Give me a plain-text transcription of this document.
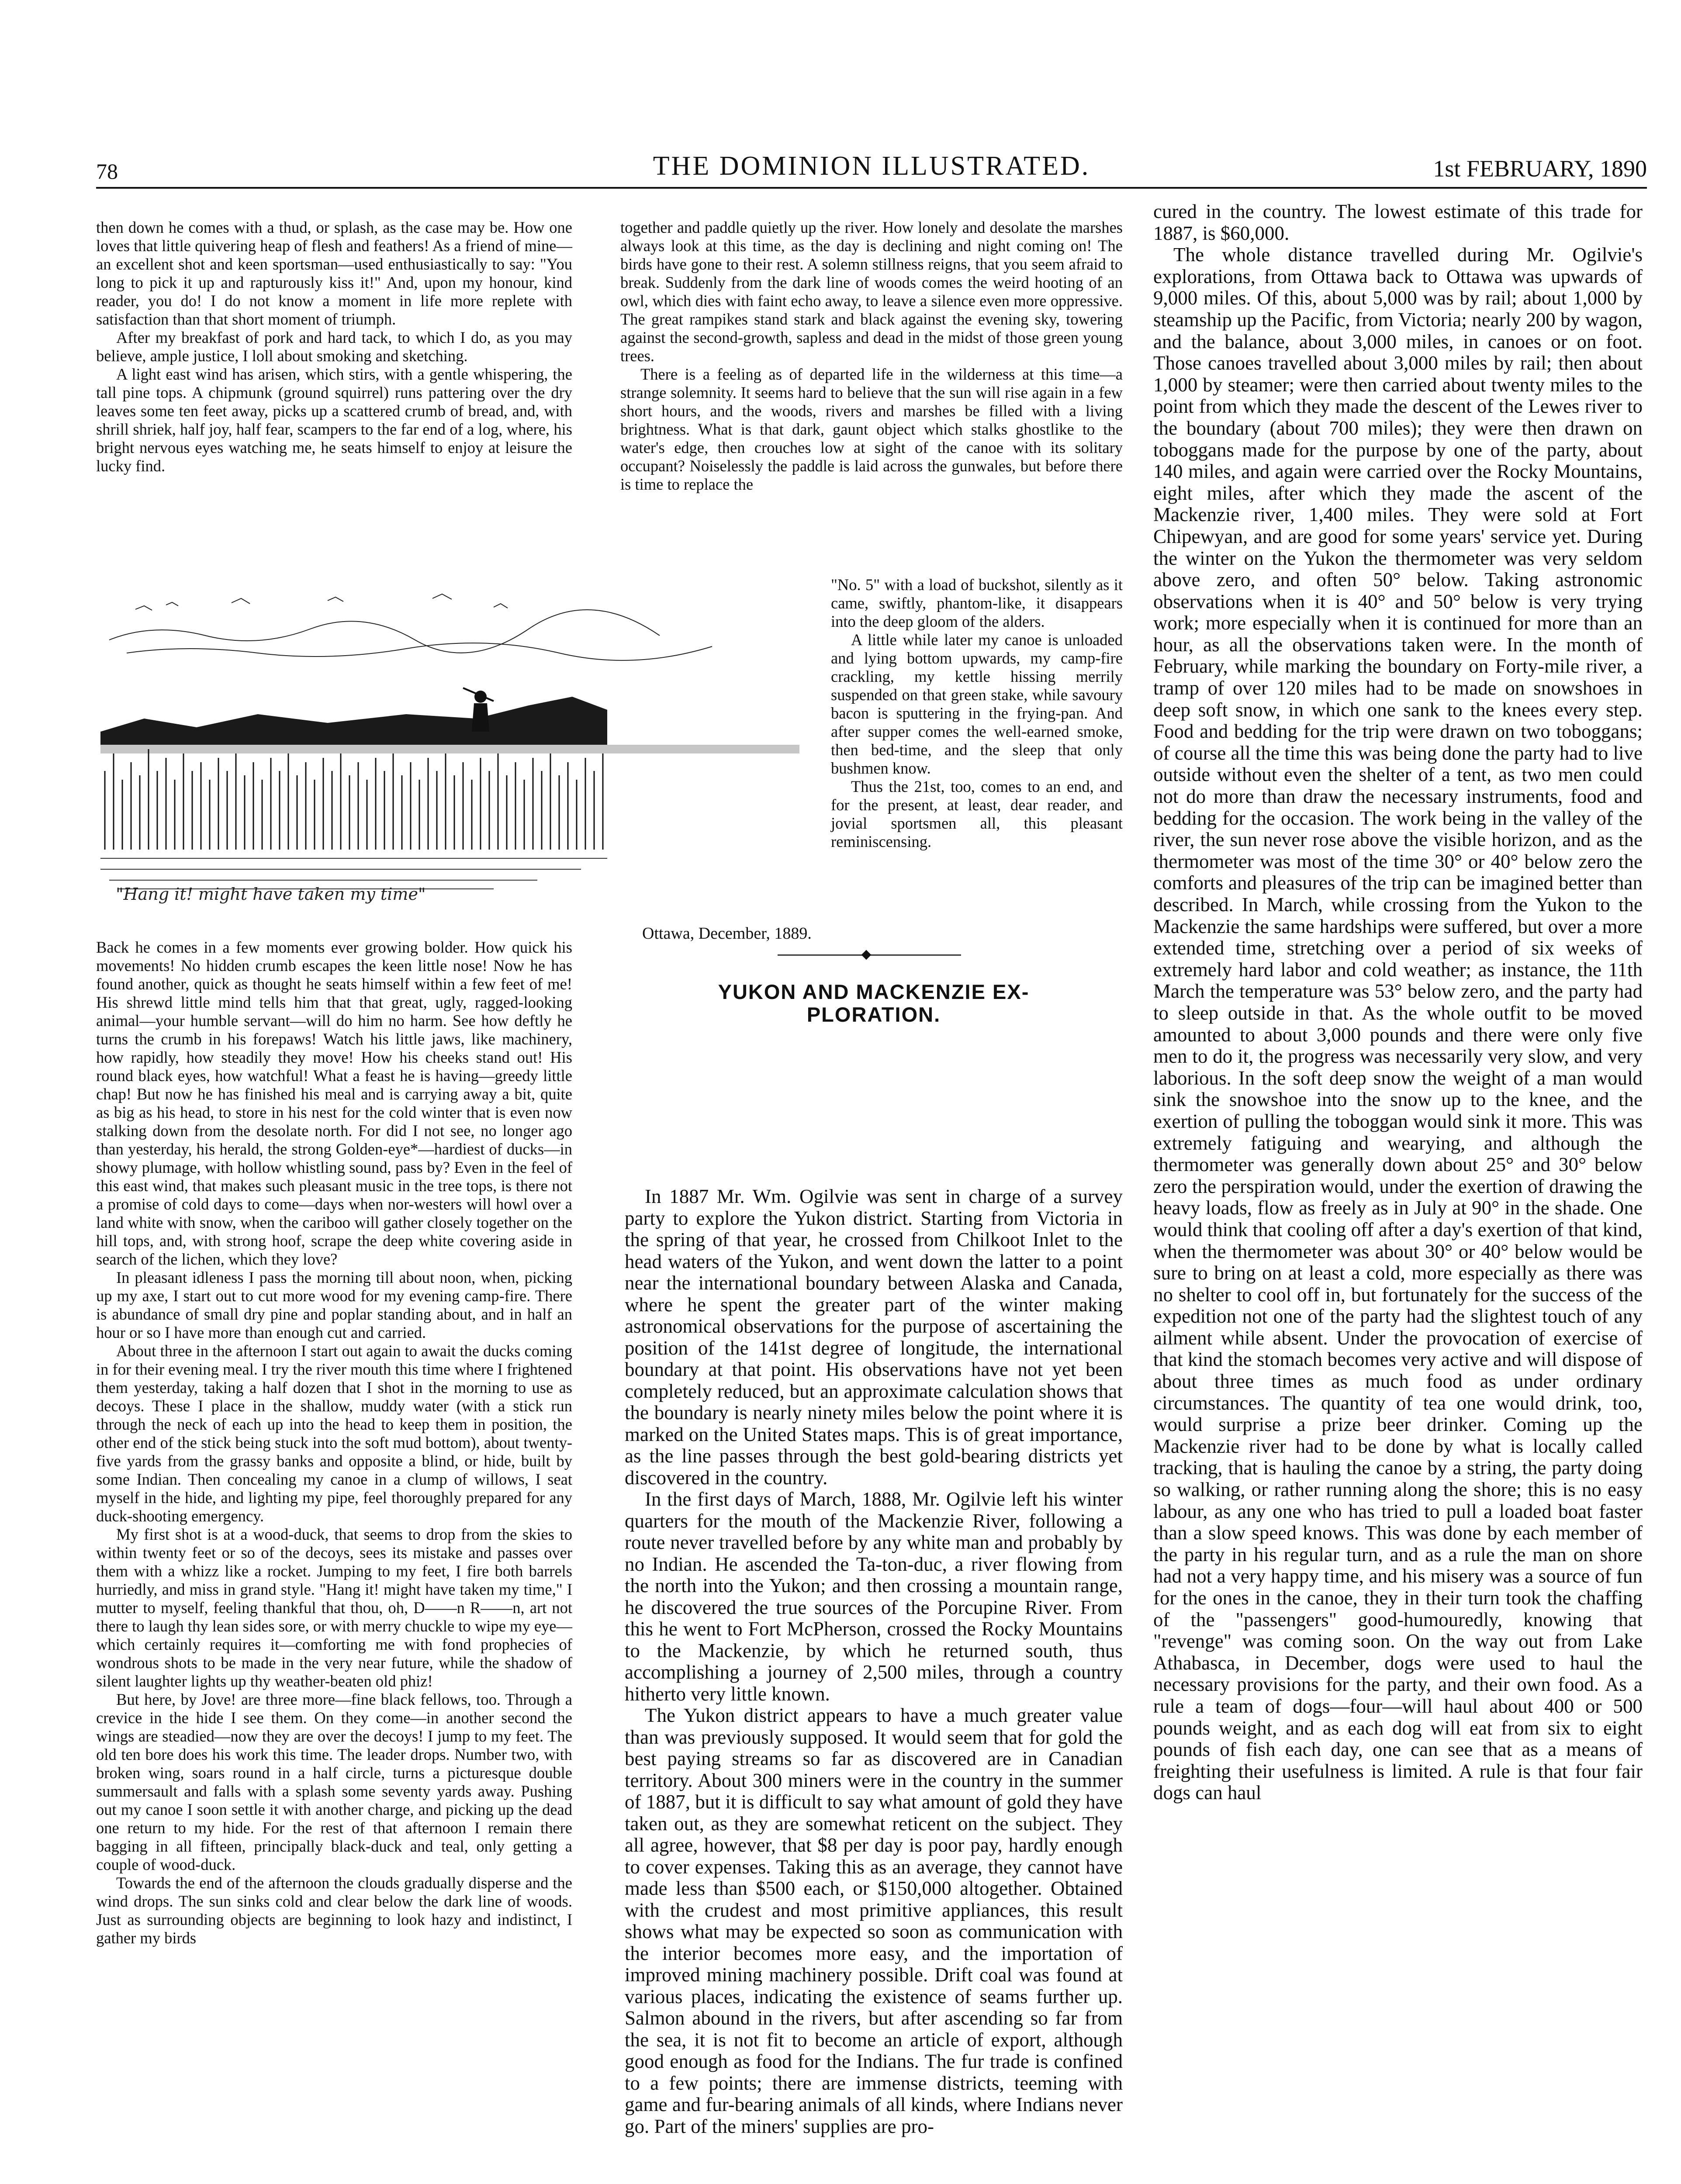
78	THE DOMINION ILLUSTRATED.	1st FEBRUARY, 1890

then down he comes with a thud, or splash, as the case may be. How one loves that little quivering heap of flesh and feathers! As a friend of mine—an excellent shot and keen sportsman—used enthusiastically to say: "You long to pick it up and rapturously kiss it!" And, upon my honour, kind reader, you do! I do not know a moment in life more replete with satisfaction than that short moment of triumph.

After my breakfast of pork and hard tack, to which I do, as you may believe, ample justice, I loll about smoking and sketching.

A light east wind has arisen, which stirs, with a gentle whispering, the tall pine tops. A chipmunk (ground squirrel) runs pattering over the dry leaves some ten feet away, picks up a scattered crumb of bread, and, with shrill shriek, half joy, half fear, scampers to the far end of a log, where, his bright nervous eyes watching me, he seats himself to enjoy at leisure the lucky find.

"Hang it! might have taken my time"

Back he comes in a few moments ever growing bolder. How quick his movements! No hidden crumb escapes the keen little nose! Now he has found another, quick as thought he seats himself within a few feet of me! His shrewd little mind tells him that that great, ugly, ragged-looking animal—your humble servant—will do him no harm. See how deftly he turns the crumb in his forepaws! Watch his little jaws, like machinery, how rapidly, how steadily they move! How his cheeks stand out! His round black eyes, how watchful! What a feast he is having—greedy little chap! But now he has finished his meal and is carrying away a bit, quite as big as his head, to store in his nest for the cold winter that is even now stalking down from the desolate north. For did I not see, no longer ago than yesterday, his herald, the strong Golden-eye*—hardiest of ducks—in showy plumage, with hollow whistling sound, pass by? Even in the feel of this east wind, that makes such pleasant music in the tree tops, is there not a promise of cold days to come—days when nor-westers will howl over a land white with snow, when the cariboo will gather closely together on the hill tops, and, with strong hoof, scrape the deep white covering aside in search of the lichen, which they love?

In pleasant idleness I pass the morning till about noon, when, picking up my axe, I start out to cut more wood for my evening camp-fire. There is abundance of small dry pine and poplar standing about, and in half an hour or so I have more than enough cut and carried.

About three in the afternoon I start out again to await the ducks coming in for their evening meal. I try the river mouth this time where I frightened them yesterday, taking a half dozen that I shot in the morning to use as decoys. These I place in the shallow, muddy water (with a stick run through the neck of each up into the head to keep them in position, the other end of the stick being stuck into the soft mud bottom), about twenty-five yards from the grassy banks and opposite a blind, or hide, built by some Indian. Then concealing my canoe in a clump of willows, I seat myself in the hide, and lighting my pipe, feel thoroughly prepared for any duck-shooting emergency.

My first shot is at a wood-duck, that seems to drop from the skies to within twenty feet or so of the decoys, sees its mistake and passes over them with a whizz like a rocket. Jumping to my feet, I fire both barrels hurriedly, and miss in grand style. "Hang it! might have taken my time," I mutter to myself, feeling thankful that thou, oh, D——n R——n, art not there to laugh thy lean sides sore, or with merry chuckle to wipe my eye—which certainly requires it—comforting me with fond prophecies of wondrous shots to be made in the very near future, while the shadow of silent laughter lights up thy weather-beaten old phiz!

But here, by Jove! are three more—fine black fellows, too. Through a crevice in the hide I see them. On they come—in another second the wings are steadied—now they are over the decoys! I jump to my feet. The old ten bore does his work this time. The leader drops. Number two, with broken wing, soars round in a half circle, turns a picturesque double summersault and falls with a splash some seventy yards away. Pushing out my canoe I soon settle it with another charge, and picking up the dead one return to my hide. For the rest of that afternoon I remain there bagging in all fifteen, principally black-duck and teal, only getting a couple of wood-duck.

Towards the end of the afternoon the clouds gradually disperse and the wind drops. The sun sinks cold and clear below the dark line of woods. Just as surrounding objects are beginning to look hazy and indistinct, I gather my birds

together and paddle quietly up the river. How lonely and desolate the marshes always look at this time, as the day is declining and night coming on! The birds have gone to their rest. A solemn stillness reigns, that you seem afraid to break. Suddenly from the dark line of woods comes the weird hooting of an owl, which dies with faint echo away, to leave a silence even more oppressive. The great rampikes stand stark and black against the evening sky, towering against the second-growth, sapless and dead in the midst of those green young trees.

There is a feeling as of departed life in the wilderness at this time—a strange solemnity. It seems hard to believe that the sun will rise again in a few short hours, and the woods, rivers and marshes be filled with a living brightness. What is that dark, gaunt object which stalks ghostlike to the water's edge, then crouches low at sight of the canoe with its solitary occupant? Noiselessly the paddle is laid across the gunwales, but before there is time to replace the

"No. 5" with a load of buckshot, silently as it came, swiftly, phantom-like, it disappears into the deep gloom of the alders.

A little while later my canoe is unloaded and lying bottom upwards, my camp-fire crackling, my kettle hissing merrily suspended on that green stake, while savoury bacon is sputtering in the frying-pan. And after supper comes the well-earned smoke, then bed-time, and the sleep that only bushmen know.

Thus the 21st, too, comes to an end, and for the present, at least, dear reader, and jovial sportsmen all, this pleasant reminiscensing.

Ottawa, December, 1889.
YUKON AND MACKENZIE EX-
PLORATION.

In 1887 Mr. Wm. Ogilvie was sent in charge of a survey party to explore the Yukon district. Starting from Victoria in the spring of that year, he crossed from Chilkoot Inlet to the head waters of the Yukon, and went down the latter to a point near the international boundary between Alaska and Canada, where he spent the greater part of the winter making astronomical observations for the purpose of ascertaining the position of the 141st degree of longitude, the international boundary at that point. His observations have not yet been completely reduced, but an approximate calculation shows that the boundary is nearly ninety miles below the point where it is marked on the United States maps. This is of great importance, as the line passes through the best gold-bearing districts yet discovered in the country.

In the first days of March, 1888, Mr. Ogilvie left his winter quarters for the mouth of the Mackenzie River, following a route never travelled before by any white man and probably by no Indian. He ascended the Ta-ton-duc, a river flowing from the north into the Yukon; and then crossing a mountain range, he discovered the true sources of the Porcupine River. From this he went to Fort McPherson, crossed the Rocky Mountains to the Mackenzie, by which he returned south, thus accomplishing a journey of 2,500 miles, through a country hitherto very little known.

The Yukon district appears to have a much greater value than was previously supposed. It would seem that for gold the best paying streams so far as discovered are in Canadian territory. About 300 miners were in the country in the summer of 1887, but it is difficult to say what amount of gold they have taken out, as they are somewhat reticent on the subject. They all agree, however, that $8 per day is poor pay, hardly enough to cover expenses. Taking this as an average, they cannot have made less than $500 each, or $150,000 altogether. Obtained with the crudest and most primitive appliances, this result shows what may be expected so soon as communication with the interior becomes more easy, and the importation of improved mining machinery possible. Drift coal was found at various places, indicating the existence of seams further up. Salmon abound in the rivers, but after ascending so far from the sea, it is not fit to become an article of export, although good enough as food for the Indians. The fur trade is confined to a few points; there are immense districts, teeming with game and fur-bearing animals of all kinds, where Indians never go. Part of the miners' supplies are pro-

cured in the country. The lowest estimate of this trade for 1887, is $60,000.

The whole distance travelled during Mr. Ogilvie's explorations, from Ottawa back to Ottawa was upwards of 9,000 miles. Of this, about 5,000 was by rail; about 1,000 by steamship up the Pacific, from Victoria; nearly 200 by wagon, and the balance, about 3,000 miles, in canoes or on foot. Those canoes travelled about 3,000 miles by rail; then about 1,000 by steamer; were then carried about twenty miles to the point from which they made the descent of the Lewes river to the boundary (about 700 miles); they were then drawn on toboggans made for the purpose by one of the party, about 140 miles, and again were carried over the Rocky Mountains, eight miles, after which they made the ascent of the Mackenzie river, 1,400 miles. They were sold at Fort Chipewyan, and are good for some years' service yet. During the winter on the Yukon the thermometer was very seldom above zero, and often 50° below. Taking astronomic observations when it is 40° and 50° below is very trying work; more especially when it is continued for more than an hour, as all the observations taken were. In the month of February, while marking the boundary on Forty-mile river, a tramp of over 120 miles had to be made on snowshoes in deep soft snow, in which one sank to the knees every step. Food and bedding for the trip were drawn on two toboggans; of course all the time this was being done the party had to live outside without even the shelter of a tent, as two men could not do more than draw the necessary instruments, food and bedding for the occasion. The work being in the valley of the river, the sun never rose above the visible horizon, and as the thermometer was most of the time 30° or 40° below zero the comforts and pleasures of the trip can be imagined better than described. In March, while crossing from the Yukon to the Mackenzie the same hardships were suffered, but over a more extended time, stretching over a period of six weeks of extremely hard labor and cold weather; as instance, the 11th March the temperature was 53° below zero, and the party had to sleep outside in that. As the whole outfit to be moved amounted to about 3,000 pounds and there were only five men to do it, the progress was necessarily very slow, and very laborious. In the soft deep snow the weight of a man would sink the snowshoe into the snow up to the knee, and the exertion of pulling the toboggan would sink it more. This was extremely fatiguing and wearying, and although the thermometer was generally down about 25° and 30° below zero the perspiration would, under the exertion of drawing the heavy loads, flow as freely as in July at 90° in the shade. One would think that cooling off after a day's exertion of that kind, when the thermometer was about 30° or 40° below would be sure to bring on at least a cold, more especially as there was no shelter to cool off in, but fortunately for the success of the expedition not one of the party had the slightest touch of any ailment while absent. Under the provocation of exercise of that kind the stomach becomes very active and will dispose of about three times as much food as under ordinary circumstances. The quantity of tea one would drink, too, would surprise a prize beer drinker. Coming up the Mackenzie river had to be done by what is locally called tracking, that is hauling the canoe by a string, the party doing so walking, or rather running along the shore; this is no easy labour, as any one who has tried to pull a loaded boat faster than a slow speed knows. This was done by each member of the party in his regular turn, and as a rule the man on shore had not a very happy time, and his misery was a source of fun for the ones in the canoe, they in their turn took the chaffing of the "passengers" good-humouredly, knowing that "revenge" was coming soon. On the way out from Lake Athabasca, in December, dogs were used to haul the necessary provisions for the party, and their own food. As a rule a team of dogs—four—will haul about 400 or 500 pounds weight, and as each dog will eat from six to eight pounds of fish each day, one can see that as a means of freighting their usefulness is limited. A rule is that four fair dogs can haul
